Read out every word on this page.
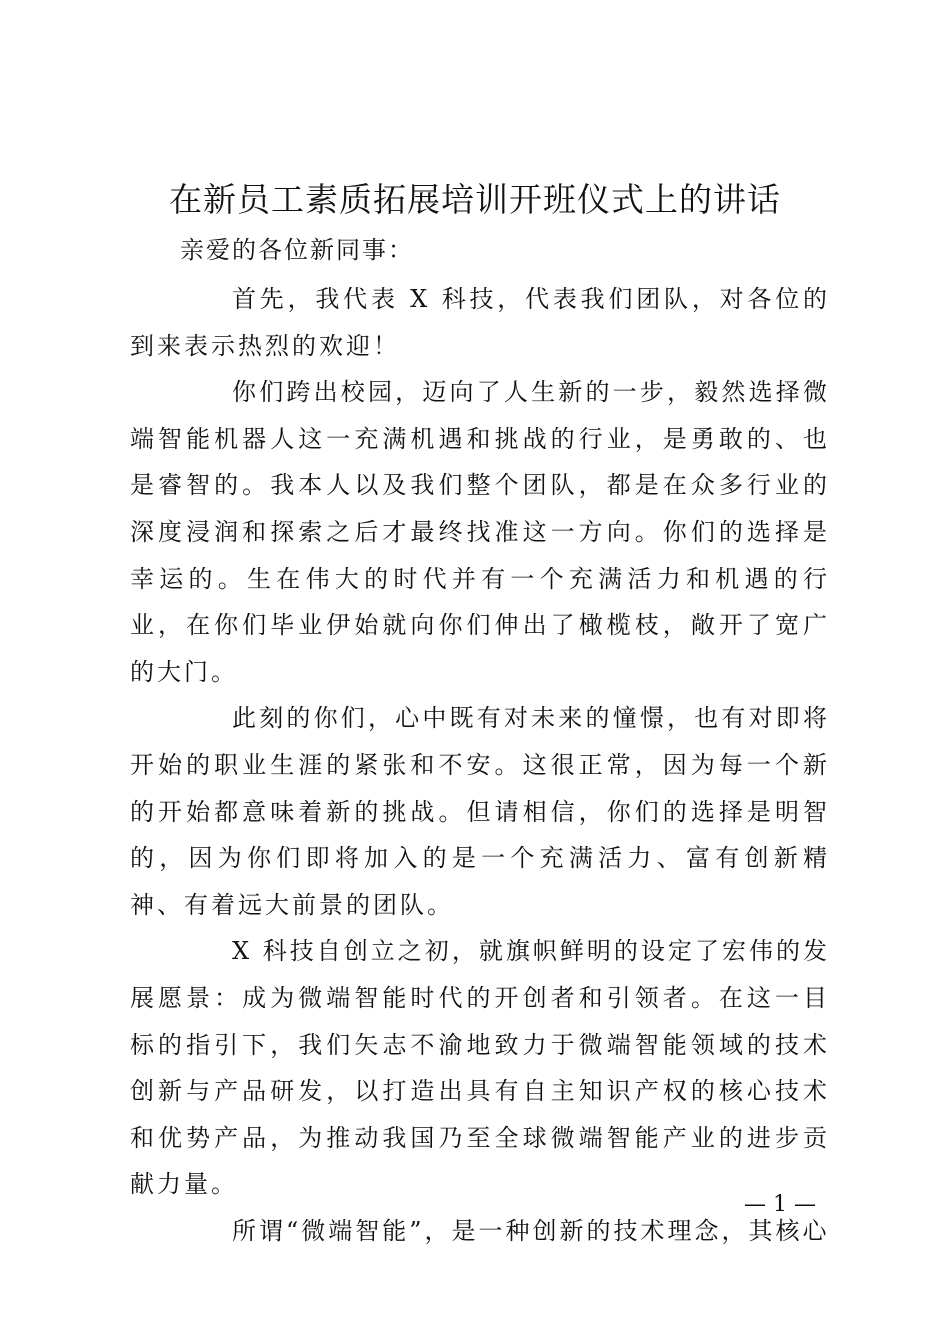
在新员工素质拓展培训开班仪式上的讲话

亲爱的各位新同事：

首先，我代表 X 科技，代表我们团队，对各位的到来表示热烈的欢迎！

你们跨出校园，迈向了人生新的一步，毅然选择微端智能机器人这一充满机遇和挑战的行业，是勇敢的、也是睿智的。我本人以及我们整个团队，都是在众多行业的深度浸润和探索之后才最终找准这一方向。你们的选择是幸运的。生在伟大的时代并有一个充满活力和机遇的行业，在你们毕业伊始就向你们伸出了橄榄枝，敞开了宽广的大门。

此刻的你们，心中既有对未来的憧憬，也有对即将开始的职业生涯的紧张和不安。这很正常，因为每一个新的开始都意味着新的挑战。但请相信，你们的选择是明智的，因为你们即将加入的是一个充满活力、富有创新精神、有着远大前景的团队。

X 科技自创立之初，就旗帜鲜明的设定了宏伟的发展愿景：成为微端智能时代的开创者和引领者。在这一目标的指引下，我们矢志不渝地致力于微端智能领域的技术创新与产品研发，以打造出具有自主知识产权的核心技术和优势产品，为推动我国乃至全球微端智能产业的进步贡献力量。

所谓“微端智能”，是一种创新的技术理念，其核心

— 1 —
